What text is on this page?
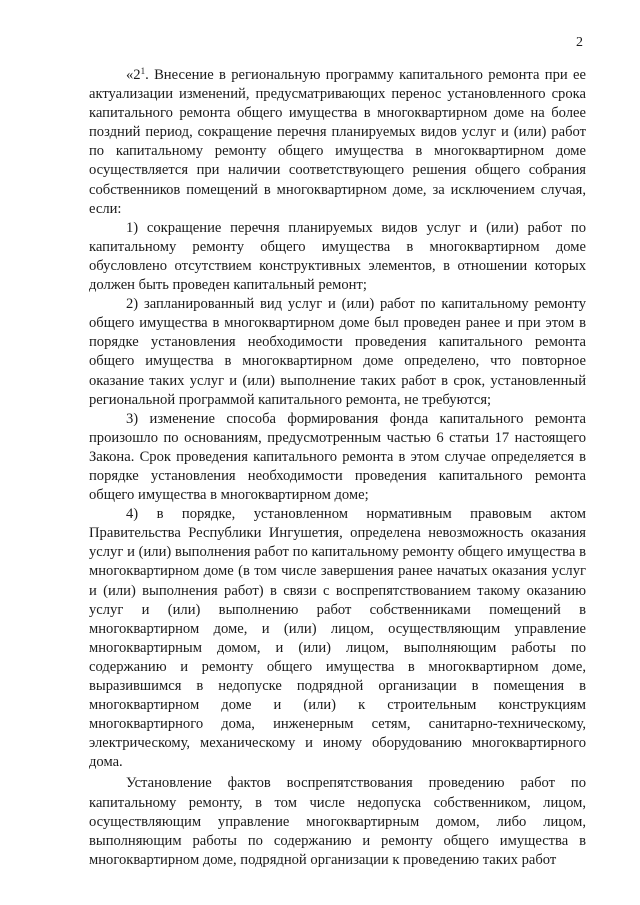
2

«$2^1$. Внесение в региональную программу капитального ремонта при ее актуализации изменений, предусматривающих перенос установленного срока капитального ремонта общего имущества в многоквартирном доме на более поздний период, сокращение перечня планируемых видов услуг и (или) работ по капитальному ремонту общего имущества в многоквартирном доме осуществляется при наличии соответствующего решения общего собрания собственников помещений в многоквартирном доме, за исключением случая, если:

1) сокращение перечня планируемых видов услуг и (или) работ по капитальному ремонту общего имущества в многоквартирном доме обусловлено отсутствием конструктивных элементов, в отношении которых должен быть проведен капитальный ремонт;

2) запланированный вид услуг и (или) работ по капитальному ремонту общего имущества в многоквартирном доме был проведен ранее и при этом в порядке установления необходимости проведения капитального ремонта общего имущества в многоквартирном доме определено, что повторное оказание таких услуг и (или) выполнение таких работ в срок, установленный региональной программой капитального ремонта, не требуются;

3) изменение способа формирования фонда капитального ремонта произошло по основаниям, предусмотренным частью 6 статьи 17 настоящего Закона. Срок проведения капитального ремонта в этом случае определяется в порядке установления необходимости проведения капитального ремонта общего имущества в многоквартирном доме;

4) в порядке, установленном нормативным правовым актом Правительства Республики Ингушетия, определена невозможность оказания услуг и (или) выполнения работ по капитальному ремонту общего имущества в многоквартирном доме (в том числе завершения ранее начатых оказания услуг и (или) выполнения работ) в связи с воспрепятствованием такому оказанию услуг и (или) выполнению работ собственниками помещений в многоквартирном доме, и (или) лицом, осуществляющим управление многоквартирным домом, и (или) лицом, выполняющим работы по содержанию и ремонту общего имущества в многоквартирном доме, выразившимся в недопуске подрядной организации в помещения в многоквартирном доме и (или) к строительным конструкциям многоквартирного дома, инженерным сетям, санитарно-техническому, электрическому, механическому и иному оборудованию многоквартирного дома.

Установление фактов воспрепятствования проведению работ по капитальному ремонту, в том числе недопуска собственником, лицом, осуществляющим управление многоквартирным домом, либо лицом, выполняющим работы по содержанию и ремонту общего имущества в многоквартирном доме, подрядной организации к проведению таких работ
